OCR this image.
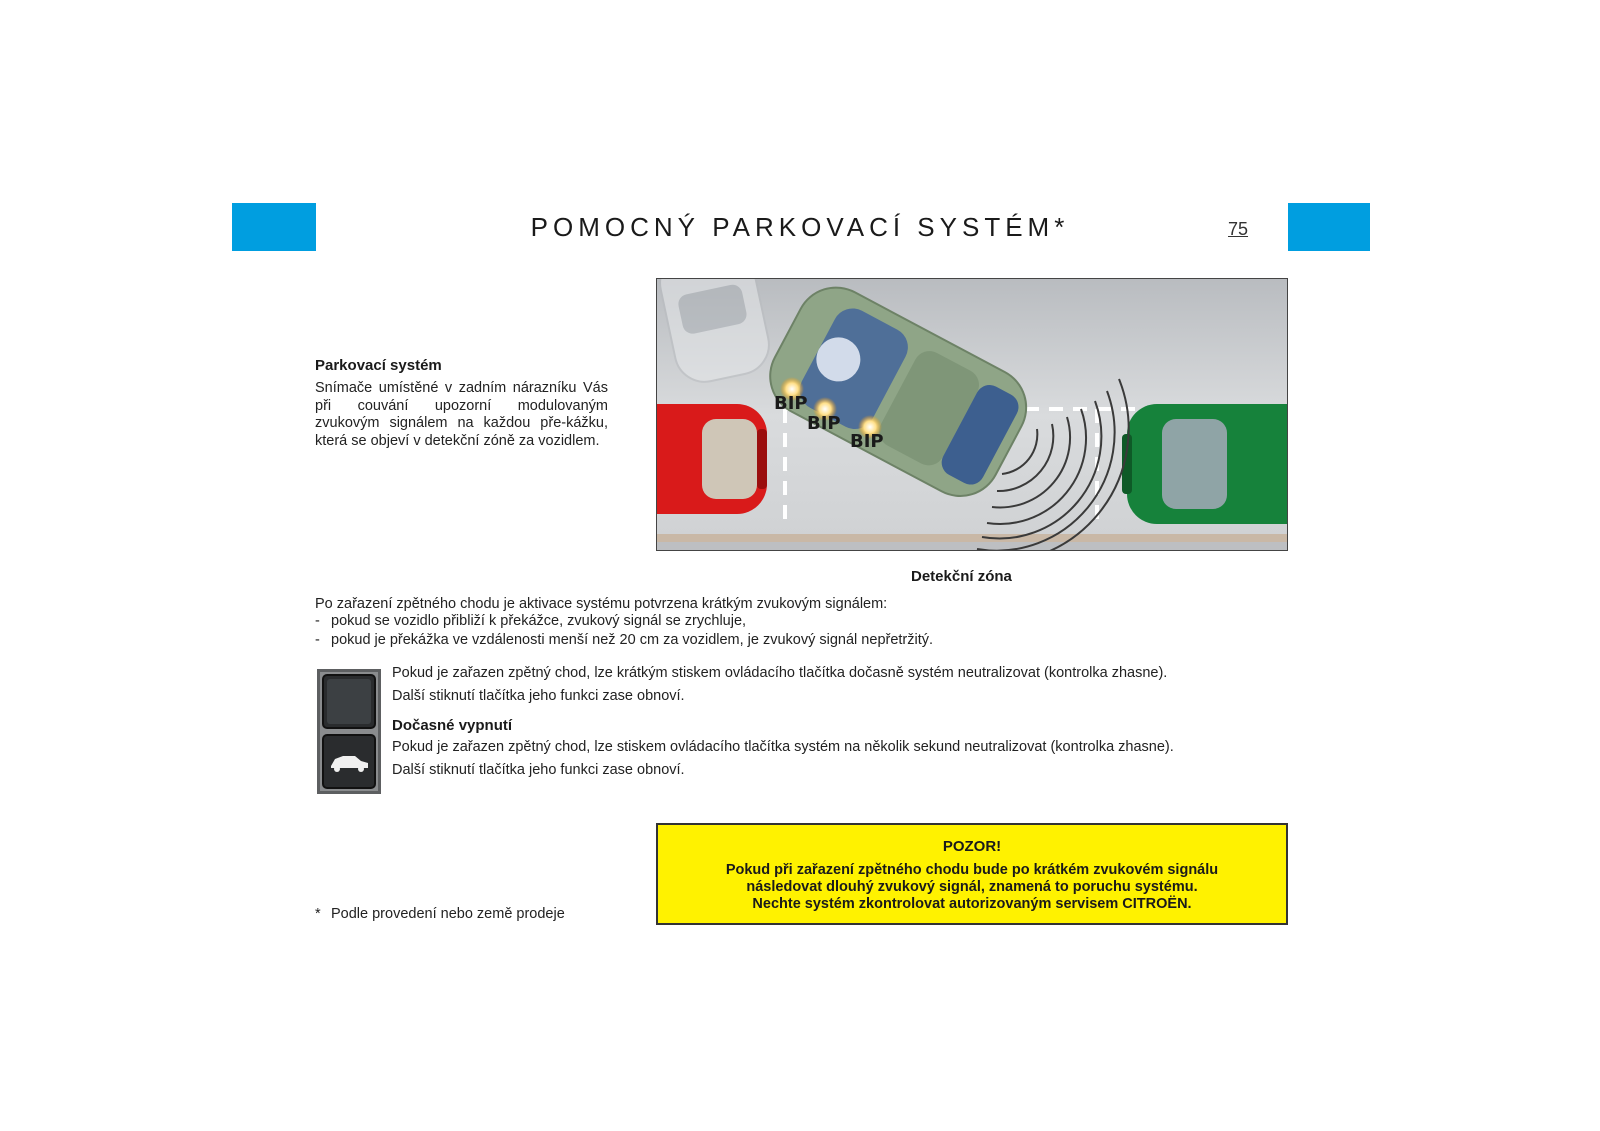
POMOCNÝ PARKOVACÍ SYSTÉM*	75
Parkovací systém
Snímače umístěné v zadním nárazníku Vás při couvání upozorní modulovaným zvukovým signálem na každou pře-kážku, která se objeví v detekční zóně za vozidlem.
BIP
BIP
BIP
Detekční zóna
Po zařazení zpětného chodu je aktivace systému potvrzena krátkým zvukovým signálem:
- pokud se vozidlo přibliží k překážce, zvukový signál se zrychluje,
- pokud je překážka ve vzdálenosti menší než 20 cm za vozidlem, je zvukový signál nepřetržitý.
Pokud je zařazen zpětný chod, lze krátkým stiskem ovládacího tlačítka dočasně systém neutralizovat (kontrolka zhasne).
Další stiknutí tlačítka jeho funkci zase obnoví.
Dočasné vypnutí
Pokud je zařazen zpětný chod, lze stiskem ovládacího tlačítka systém na několik sekund neutralizovat (kontrolka zhasne).
Další stiknutí tlačítka jeho funkci zase obnoví.
* Podle provedení nebo země prodeje
POZOR!
Pokud při zařazení zpětného chodu bude po krátkém zvukovém signálu
následovat dlouhý zvukový signál, znamená to poruchu systému.
Nechte systém zkontrolovat autorizovaným servisem CITROËN.
